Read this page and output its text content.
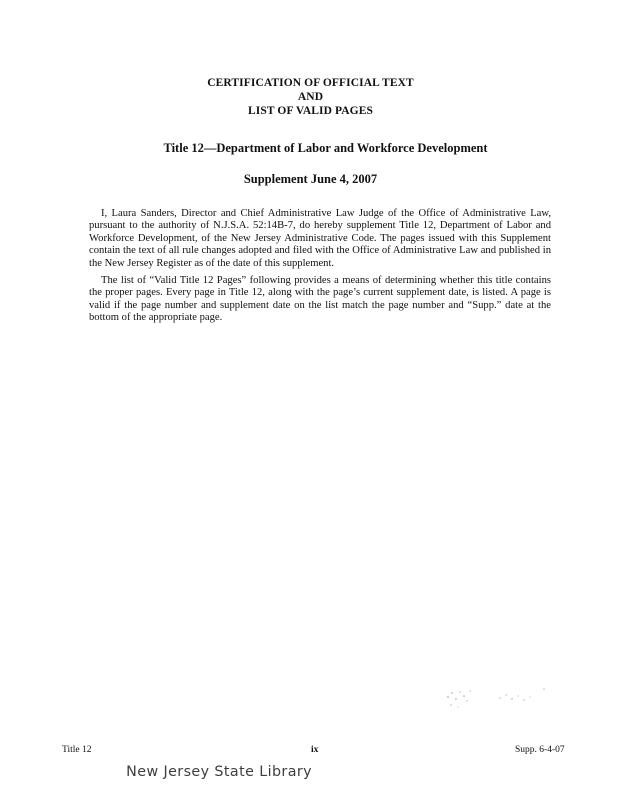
CERTIFICATION OF OFFICIAL TEXT
AND
LIST OF VALID PAGES
Title 12—Department of Labor and Workforce Development
Supplement June 4, 2007

I, Laura Sanders, Director and Chief Administrative Law Judge of the Office of Administrative Law, pursuant to the authority of N.J.S.A. 52:14B-7, do hereby supplement Title 12, Department of Labor and Workforce Development, of the New Jersey Administrative Code. The pages issued with this Supplement contain the text of all rule changes adopted and filed with the Office of Administrative Law and published in the New Jersey Register as of the date of this supplement.

The list of “Valid Title 12 Pages” following provides a means of determining whether this title contains the proper pages. Every page in Title 12, along with the page’s current supplement date, is listed. A page is valid if the page number and supplement date on the list match the page number and “Supp.” date at the bottom of the appropriate page.

Title 12	ix	Supp. 6-4-07
New Jersey State Library
